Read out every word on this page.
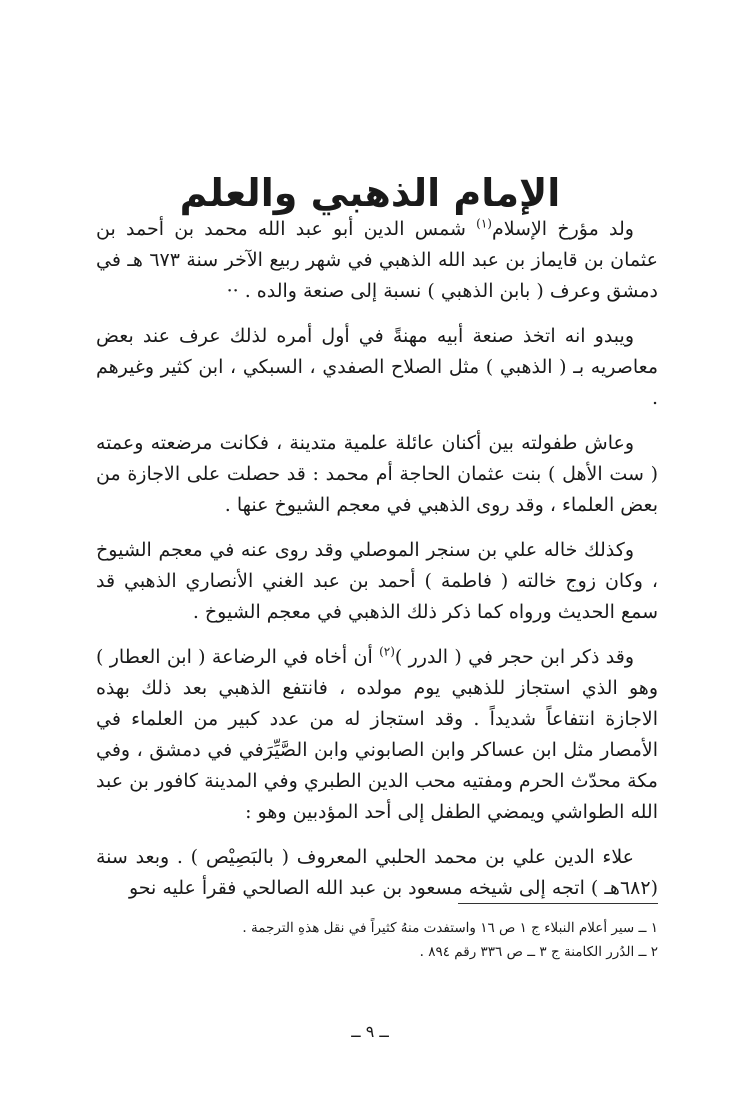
الإمام الذهبي والعلم

ولد مؤرخ الإسلام$^{(١)}$ شمس الدين أبو عبد الله محمد بن أحمد بن عثمان بن قايماز بن عبد الله الذهبي في شهر ربيع الآخر سنة ٦٧٣ هـ في دمشق وعرف ( بابن الذهبي ) نسبة إلى صنعة والده . ··

ويبدو انه اتخذ صنعة أبيه مهنةً في أول أمره لذلك عرف عند بعض معاصريه بـ ( الذهبي ) مثل الصلاح الصفدي ، السبكي ، ابن كثير وغيرهم .

وعاش طفولته بين أكنان عائلة علمية متدينة ، فكانت مرضعته وعمته ( ست الأهل ) بنت عثمان الحاجة أم محمد : قد حصلت على الاجازة من بعض العلماء ، وقد روى الذهبي في معجم الشيوخ عنها .

وكذلك خاله علي بن سنجر الموصلي وقد روى عنه في معجم الشيوخ ، وكان زوج خالته ( فاطمة ) أحمد بن عبد الغني الأنصاري الذهبي قد سمع الحديث ورواه كما ذكر ذلك الذهبي في معجم الشيوخ .

وقد ذكر ابن حجر في ( الدرر )$^{(٢)}$ أن أخاه في الرضاعة ( ابن العطار ) وهو الذي استجاز للذهبي يوم مولده ، فانتفع الذهبي بعد ذلك بهذه الاجازة انتفاعاً شديداً . وقد استجاز له من عدد كبير من العلماء في الأمصار مثل ابن عساكر وابن الصابوني وابن الصَّيِّرَفي في دمشق ، وفي مكة محدّث الحرم ومفتيه محب الدين الطبري وفي المدينة كافور بن عبد الله الطواشي ويمضي الطفل إلى أحد المؤدبين وهو :

علاء الدين علي بن محمد الحلبي المعروف ( بالبَصِيْص ) . وبعد سنة (٦٨٢هـ ) اتجه إلى شيخه مسعود بن عبد الله الصالحي فقرأ عليه نحو

١ ــ سير أعلام النبلاء ج ١ ص ١٦ واستفدت منهُ كثيراً في نقل هذهِ الترجمة .
٢ ــ الدُرر الكامنة ج ٣ ــ ص ٣٣٦ رقم ٨٩٤ .
ــ ٩ ــ
